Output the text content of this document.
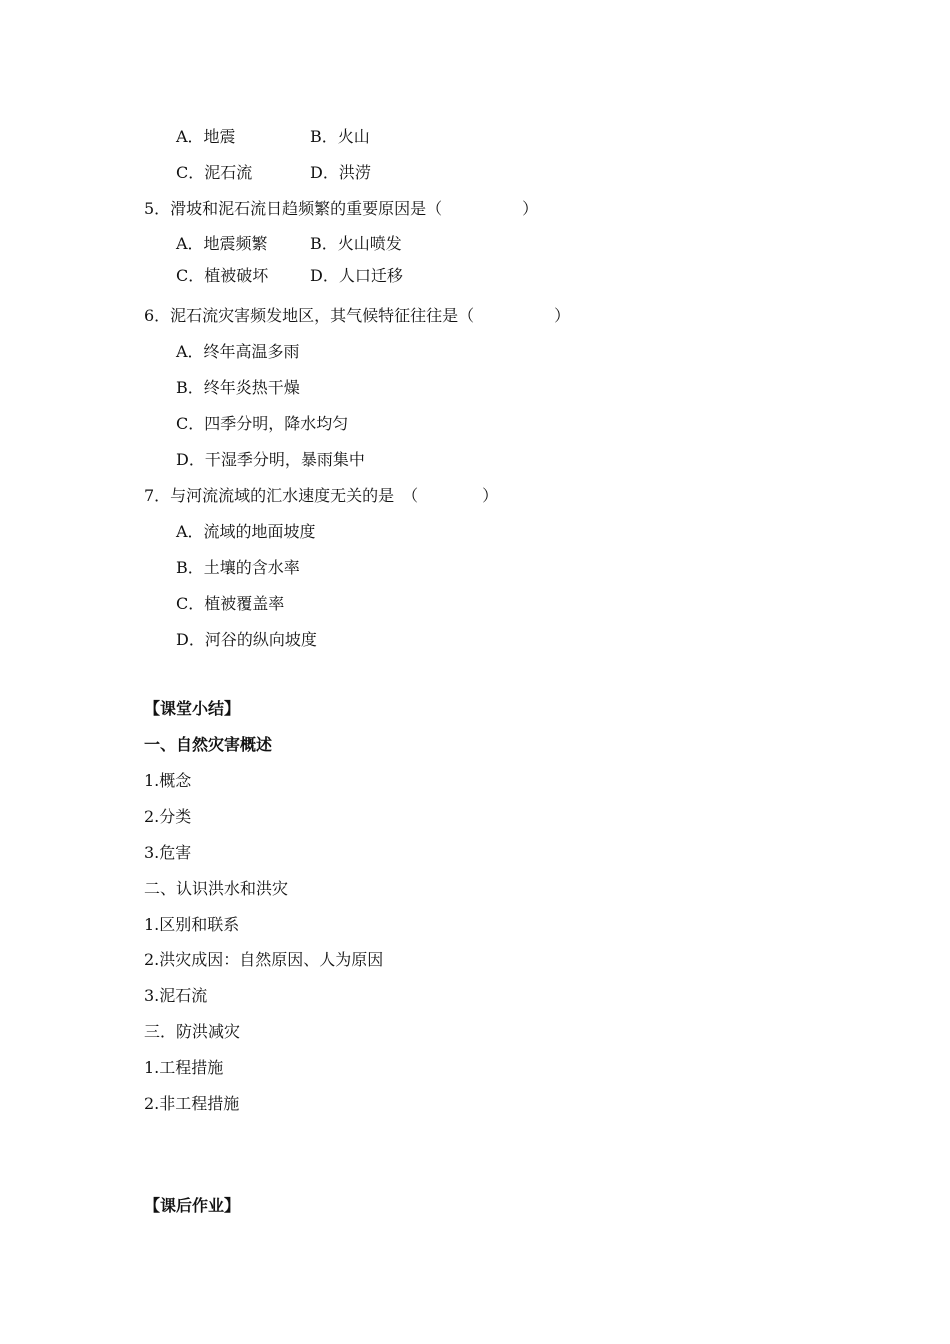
A．地震	B．火山
C．泥石流	D．洪涝
5．滑坡和泥石流日趋频繁的重要原因是（　　　　　）
A．地震频繁	B．火山喷发
C．植被破坏	D．人口迁移
6．泥石流灾害频发地区，其气候特征往往是（　　　　　）
A．终年高温多雨
B．终年炎热干燥
C．四季分明，降水均匀
D．干湿季分明，暴雨集中
7．与河流流域的汇水速度无关的是　（　　　　）
A．流域的地面坡度
B．土壤的含水率
C．植被覆盖率
D．河谷的纵向坡度
【课堂小结】
一、自然灾害概述
1.概念
2.分类
3.危害
二、认识洪水和洪灾
1.区别和联系
2.洪灾成因：自然原因、人为原因
3.泥石流
三．防洪减灾
1.工程措施
2.非工程措施
【课后作业】
